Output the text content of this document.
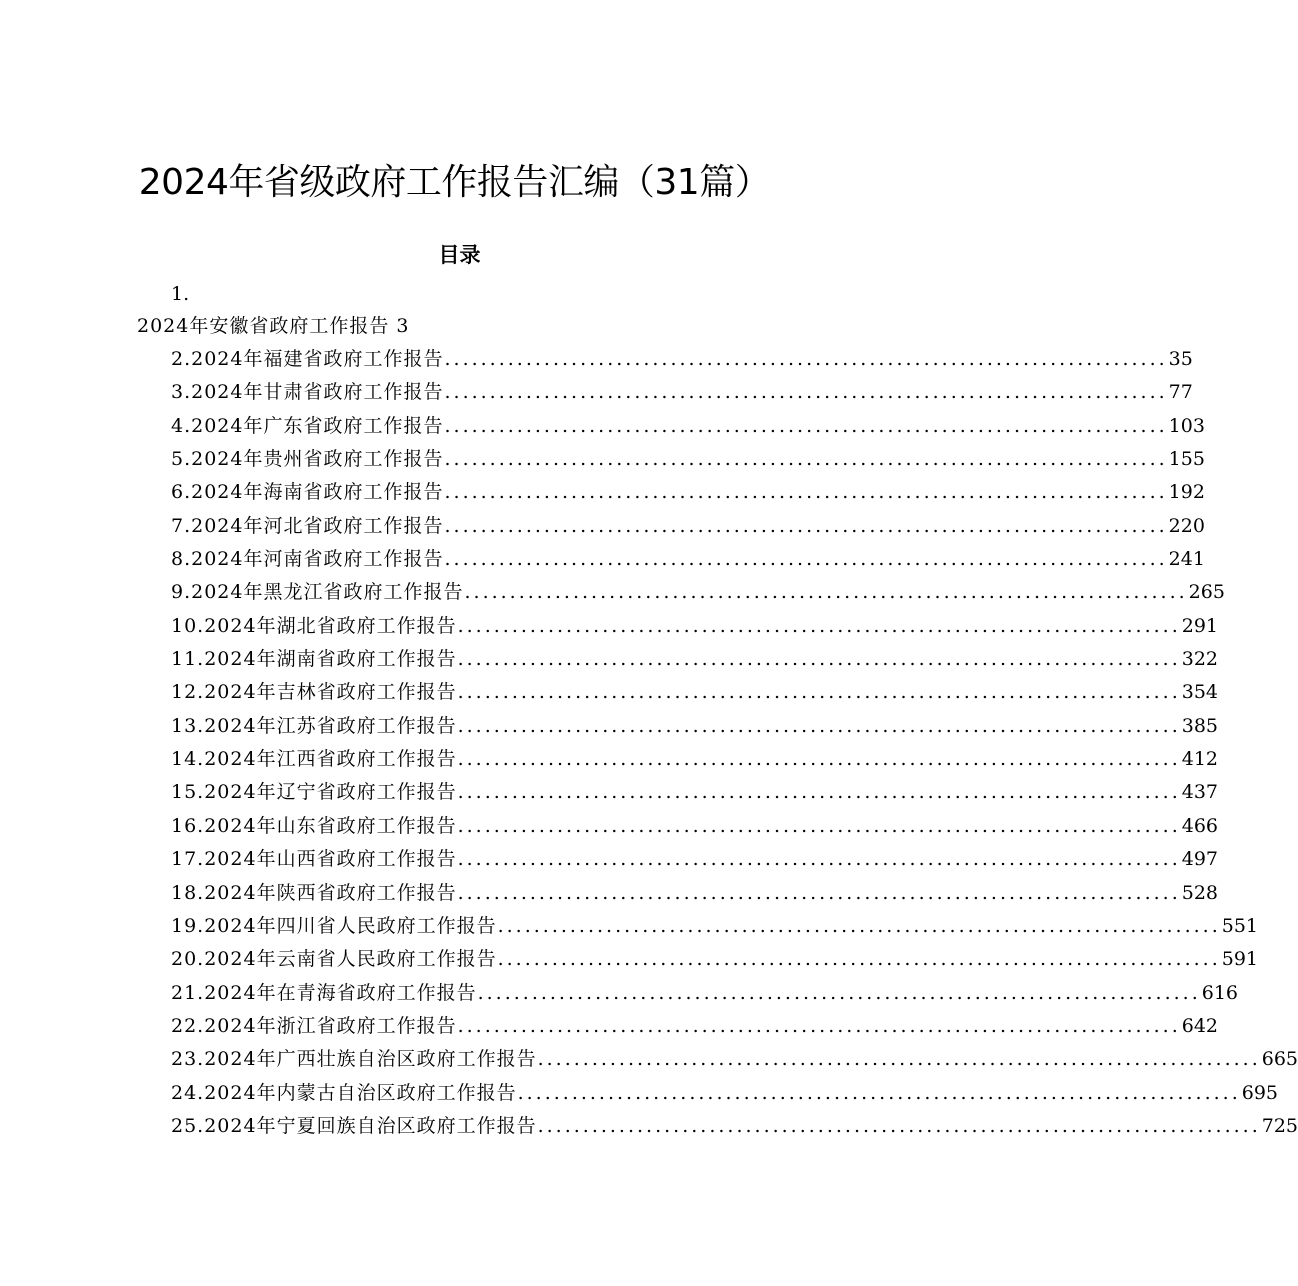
2024年省级政府工作报告汇编（31篇）
目录
1.
2024年安徽省政府工作报告 3
2.2024年福建省政府工作报告 ................................................................................ 35
3.2024年甘肃省政府工作报告 ................................................................................ 77
4.2024年广东省政府工作报告 ................................................................................ 103
5.2024年贵州省政府工作报告 ................................................................................ 155
6.2024年海南省政府工作报告 ................................................................................ 192
7.2024年河北省政府工作报告 ................................................................................ 220
8.2024年河南省政府工作报告 ................................................................................ 241
9.2024年黑龙江省政府工作报告 ................................................................................ 265
10.2024年湖北省政府工作报告 ................................................................................ 291
11.2024年湖南省政府工作报告 ................................................................................ 322
12.2024年吉林省政府工作报告 ................................................................................ 354
13.2024年江苏省政府工作报告 ................................................................................ 385
14.2024年江西省政府工作报告 ................................................................................ 412
15.2024年辽宁省政府工作报告 ................................................................................ 437
16.2024年山东省政府工作报告 ................................................................................ 466
17.2024年山西省政府工作报告 ................................................................................ 497
18.2024年陕西省政府工作报告 ................................................................................ 528
19.2024年四川省人民政府工作报告 ................................................................................ 551
20.2024年云南省人民政府工作报告 ................................................................................ 591
21.2024年在青海省政府工作报告 ................................................................................ 616
22.2024年浙江省政府工作报告 ................................................................................ 642
23.2024年广西壮族自治区政府工作报告 ................................................................................ 665
24.2024年内蒙古自治区政府工作报告 ................................................................................ 695
25.2024年宁夏回族自治区政府工作报告 ................................................................................ 725
